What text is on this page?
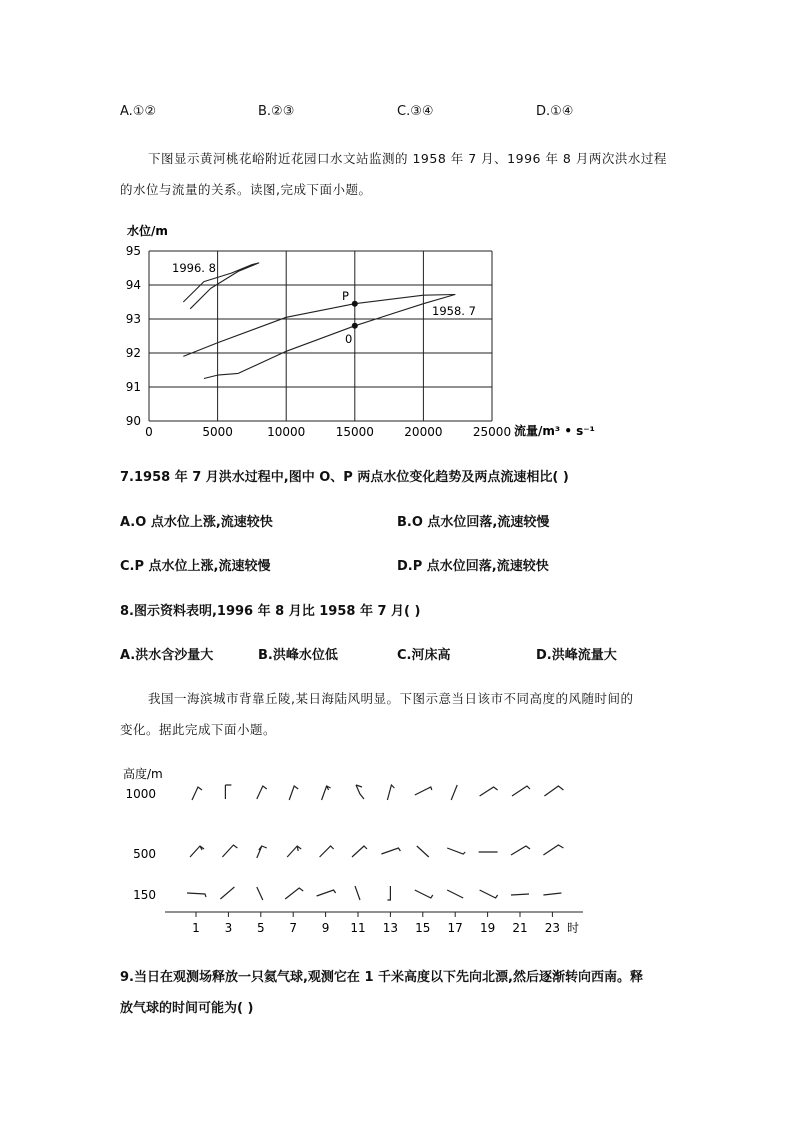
A.①②	B.②③	C.③④	D.①④
下图显示黄河桃花峪附近花园口水文站监测的 1958 年 7 月、1996 年 8 月两次洪水过程
的水位与流量的关系。读图,完成下面小题。
95
94
93
92
91
90
0	5000	10000	15000	20000	25000
水位/m
流量/m³ • s⁻¹
1996. 8
1958. 7
P
0
7.1958 年 7 月洪水过程中,图中 O、P 两点水位变化趋势及两点流速相比( )
A.O 点水位上涨,流速较快	B.O 点水位回落,流速较慢
C.P 点水位上涨,流速较慢	D.P 点水位回落,流速较快
8.图示资料表明,1996 年 8 月比 1958 年 7 月( )
A.洪水含沙量大	B.洪峰水位低	C.河床高	D.洪峰流量大
我国一海滨城市背靠丘陵,某日海陆风明显。下图示意当日该市不同高度的风随时间的
变化。据此完成下面小题。
高度/m
1000
500
150
1 3 5 7 9 11 13 15 17 19 21 23 时
9.当日在观测场释放一只氦气球,观测它在 1 千米高度以下先向北漂,然后逐渐转向西南。释
放气球的时间可能为( )
